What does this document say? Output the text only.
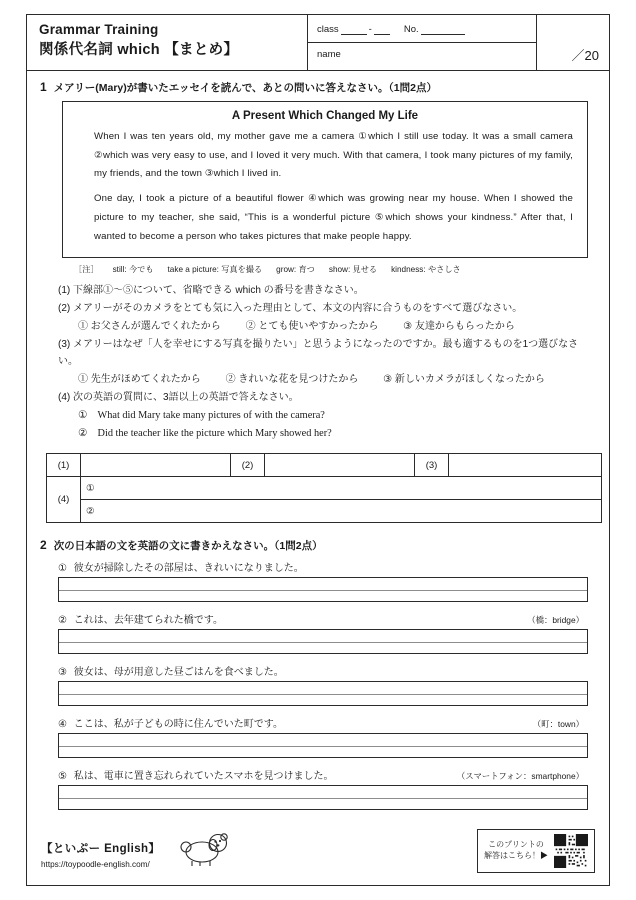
Grammar Training
関係代名詞 which 【まとめ】
class	-	No.
name	／20
1 メアリー(Mary)が書いたエッセイを読んで、あとの問いに答えなさい。（1問2点）
A Present Which Changed My Life

When I was ten years old, my mother gave me a camera ①which I still use today. It was a small camera ②which was very easy to use, and I loved it very much. With that camera, I took many pictures of my family, my friends, and the town ③which I lived in.

One day, I took a picture of a beautiful flower ④which was growing near my house. When I showed the picture to my teacher, she said, “This is a wonderful picture ⑤which shows your kindness.” After that, I wanted to become a person who takes pictures that make people happy.

［注］ still: 今でも take a picture: 写真を撮る grow: 育つ show: 見せる kindness: やさしさ
(1) 下線部①〜⑤について、省略できる which の番号を書きなさい。
(2) メアリーがそのカメラをとても気に入った理由として、本文の内容に合うものをすべて選びなさい。
① お父さんが選んでくれたから ② とても使いやすかったから ③ 友達からもらったから
(3) メアリーはなぜ「人を幸せにする写真を撮りたい」と思うようになったのですか。最も適するものを1つ選びなさい。
① 先生がほめてくれたから ② きれいな花を見つけたから ③ 新しいカメラがほしくなったから
(4) 次の英語の質問に、3語以上の英語で答えなさい。
①　What did Mary take many pictures of with the camera?
②　Did the teacher like the picture which Mary showed her?
(1)		(2)		(3)	
(4)	①				
	②				
2 次の日本語の文を英語の文に書きかえなさい。（1問2点）
① 彼女が掃除したその部屋は、きれいになりました。
② これは、去年建てられた橋です。	（橋：bridge）
③ 彼女は、母が用意した昼ごはんを食べました。
④ ここは、私が子どもの時に住んでいた町です。	（町：town）
⑤ 私は、電車に置き忘れられていたスマホを見つけました。	（スマートフォン：smartphone）
【といぷー English】
https://toypoodle-english.com/
このプリントの
解答はこちら！▶
